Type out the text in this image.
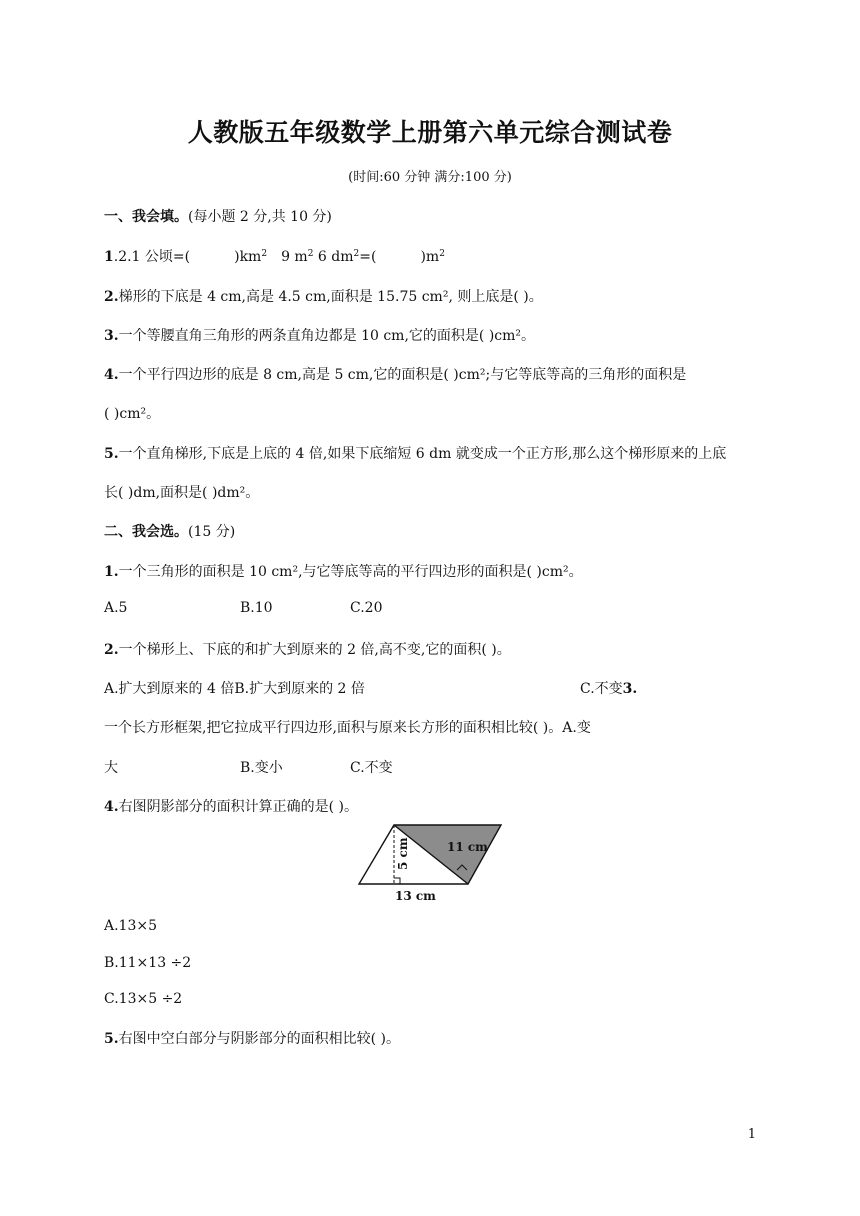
人教版五年级数学上册第六单元综合测试卷
(时间:60 分钟 满分:100 分)
一、我会填。(每小题 2 分,共 10 分)
1.2.1 公顷=(	)$km^2$ 9 $m^2$ 6 $dm^2=$(	)$m^2$
2.梯形的下底是 4 cm,高是 4.5 cm,面积是 15.75 cm², 则上底是( )。
3.一个等腰直角三角形的两条直角边都是 10 cm,它的面积是( )cm²。
4.一个平行四边形的底是 8 cm,高是 5 cm,它的面积是( )cm²;与它等底等高的三角形的面积是
( )cm²。
5.一个直角梯形,下底是上底的 4 倍,如果下底缩短 6 dm 就变成一个正方形,那么这个梯形原来的上底
长( )dm,面积是( )dm²。
二、我会选。(15 分)
1.一个三角形的面积是 10 cm²,与它等底等高的平行四边形的面积是( )cm²。
A.5	B.10	C.20
2.一个梯形上、下底的和扩大到原来的 2 倍,高不变,它的面积( )。
A.扩大到原来的 4 倍B.扩大到原来的 2 倍	C.不变3.
一个长方形框架,把它拉成平行四边形,面积与原来长方形的面积相比较( )。A.变
大	B.变小	C.不变
4.右图阴影部分的面积计算正确的是( )。
11 cm
5 cm
13 cm
A.13×5
B.11×13 ÷2
C.13×5 ÷2
5.右图中空白部分与阴影部分的面积相比较( )。
1
